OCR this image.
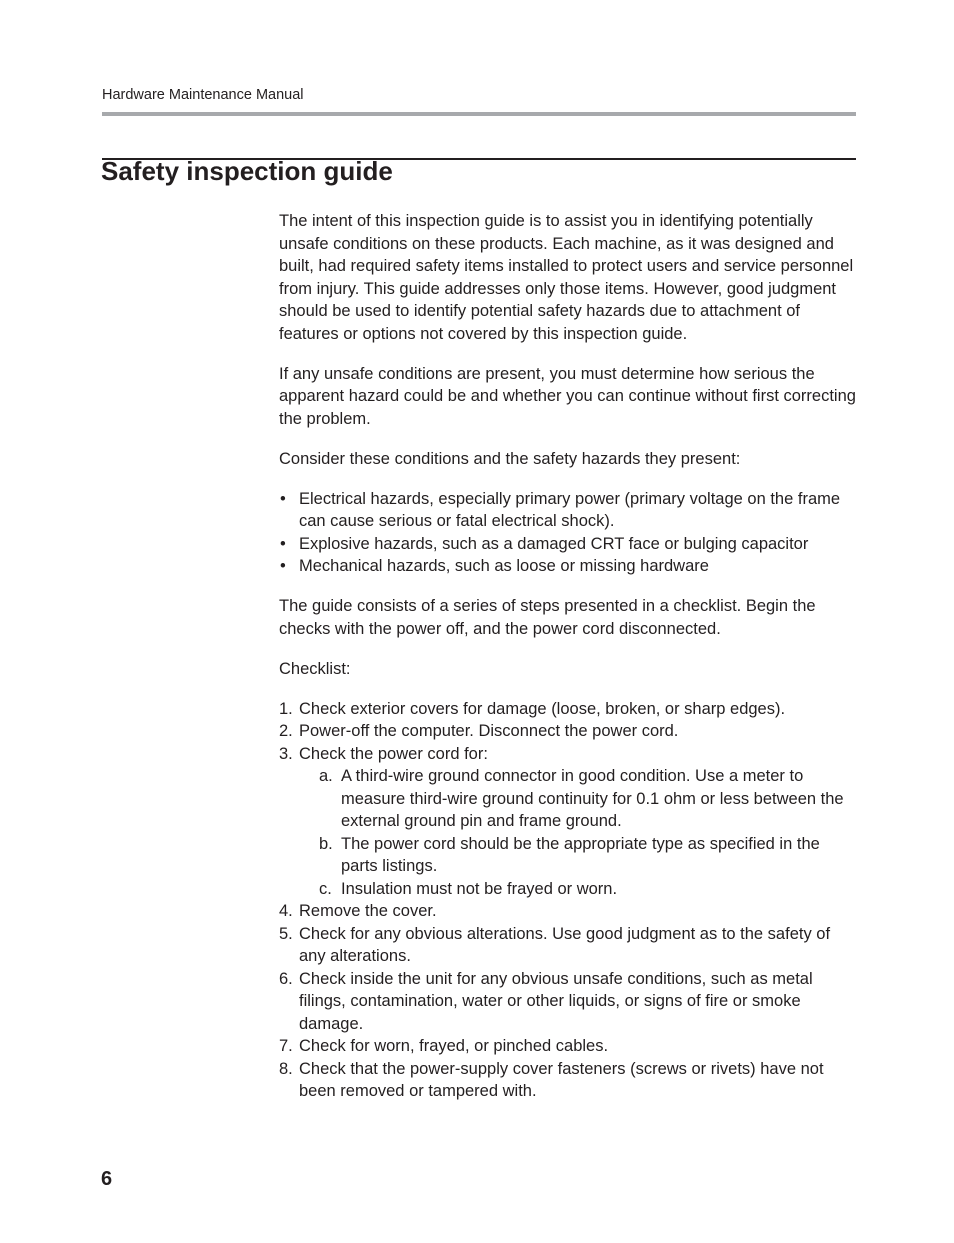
Hardware Maintenance Manual
Safety inspection guide

The intent of this inspection guide is to assist you in identifying potentially unsafe conditions on these products. Each machine, as it was designed and built, had required safety items installed to protect users and service personnel from injury. This guide addresses only those items. However, good judgment should be used to identify potential safety hazards due to attachment of features or options not covered by this inspection guide.

If any unsafe conditions are present, you must determine how serious the apparent hazard could be and whether you can continue without first correcting the problem.

Consider these conditions and the safety hazards they present:

• Electrical hazards, especially primary power (primary voltage on the frame can cause serious or fatal electrical shock).
• Explosive hazards, such as a damaged CRT face or bulging capacitor
• Mechanical hazards, such as loose or missing hardware

The guide consists of a series of steps presented in a checklist. Begin the checks with the power off, and the power cord disconnected.

Checklist:

1. Check exterior covers for damage (loose, broken, or sharp edges).
2. Power-off the computer. Disconnect the power cord.
3. Check the power cord for:
a. A third-wire ground connector in good condition. Use a meter to measure third-wire ground continuity for 0.1 ohm or less between the external ground pin and frame ground.
b. The power cord should be the appropriate type as specified in the parts listings.
c. Insulation must not be frayed or worn.
4. Remove the cover.
5. Check for any obvious alterations. Use good judgment as to the safety of any alterations.
6. Check inside the unit for any obvious unsafe conditions, such as metal filings, contamination, water or other liquids, or signs of fire or smoke damage.
7. Check for worn, frayed, or pinched cables.
8. Check that the power-supply cover fasteners (screws or rivets) have not been removed or tampered with.
6
